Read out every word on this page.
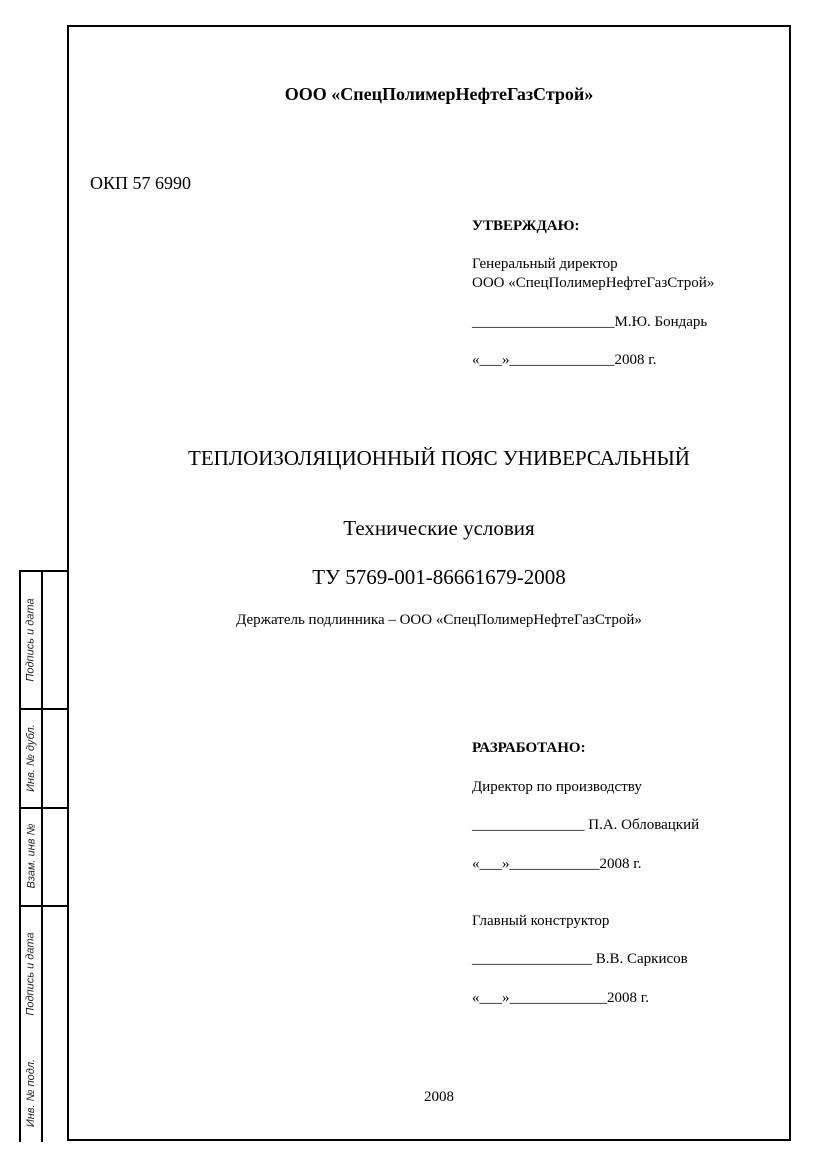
Подпись и дата
Инв. № дубл.
Взам. инв №
Подпись и дата
Инв. № подл.
ООО «СпецПолимерНефтеГазСтрой»
ОКП 57 6990
УТВЕРЖДАЮ:
Генеральный директор
ООО «СпецПолимерНефтеГазСтрой»
___________________М.Ю. Бондарь
«___»______________2008 г.
ТЕПЛОИЗОЛЯЦИОННЫЙ ПОЯС УНИВЕРСАЛЬНЫЙ
Технические условия
ТУ 5769-001-86661679-2008
Держатель подлинника – ООО «СпецПолимерНефтеГазСтрой»
РАЗРАБОТАНО:
Директор по производству
_______________ П.А. Обловацкий
«___»____________2008 г.
Главный конструктор
________________ В.В. Саркисов
«___»_____________2008 г.
2008
